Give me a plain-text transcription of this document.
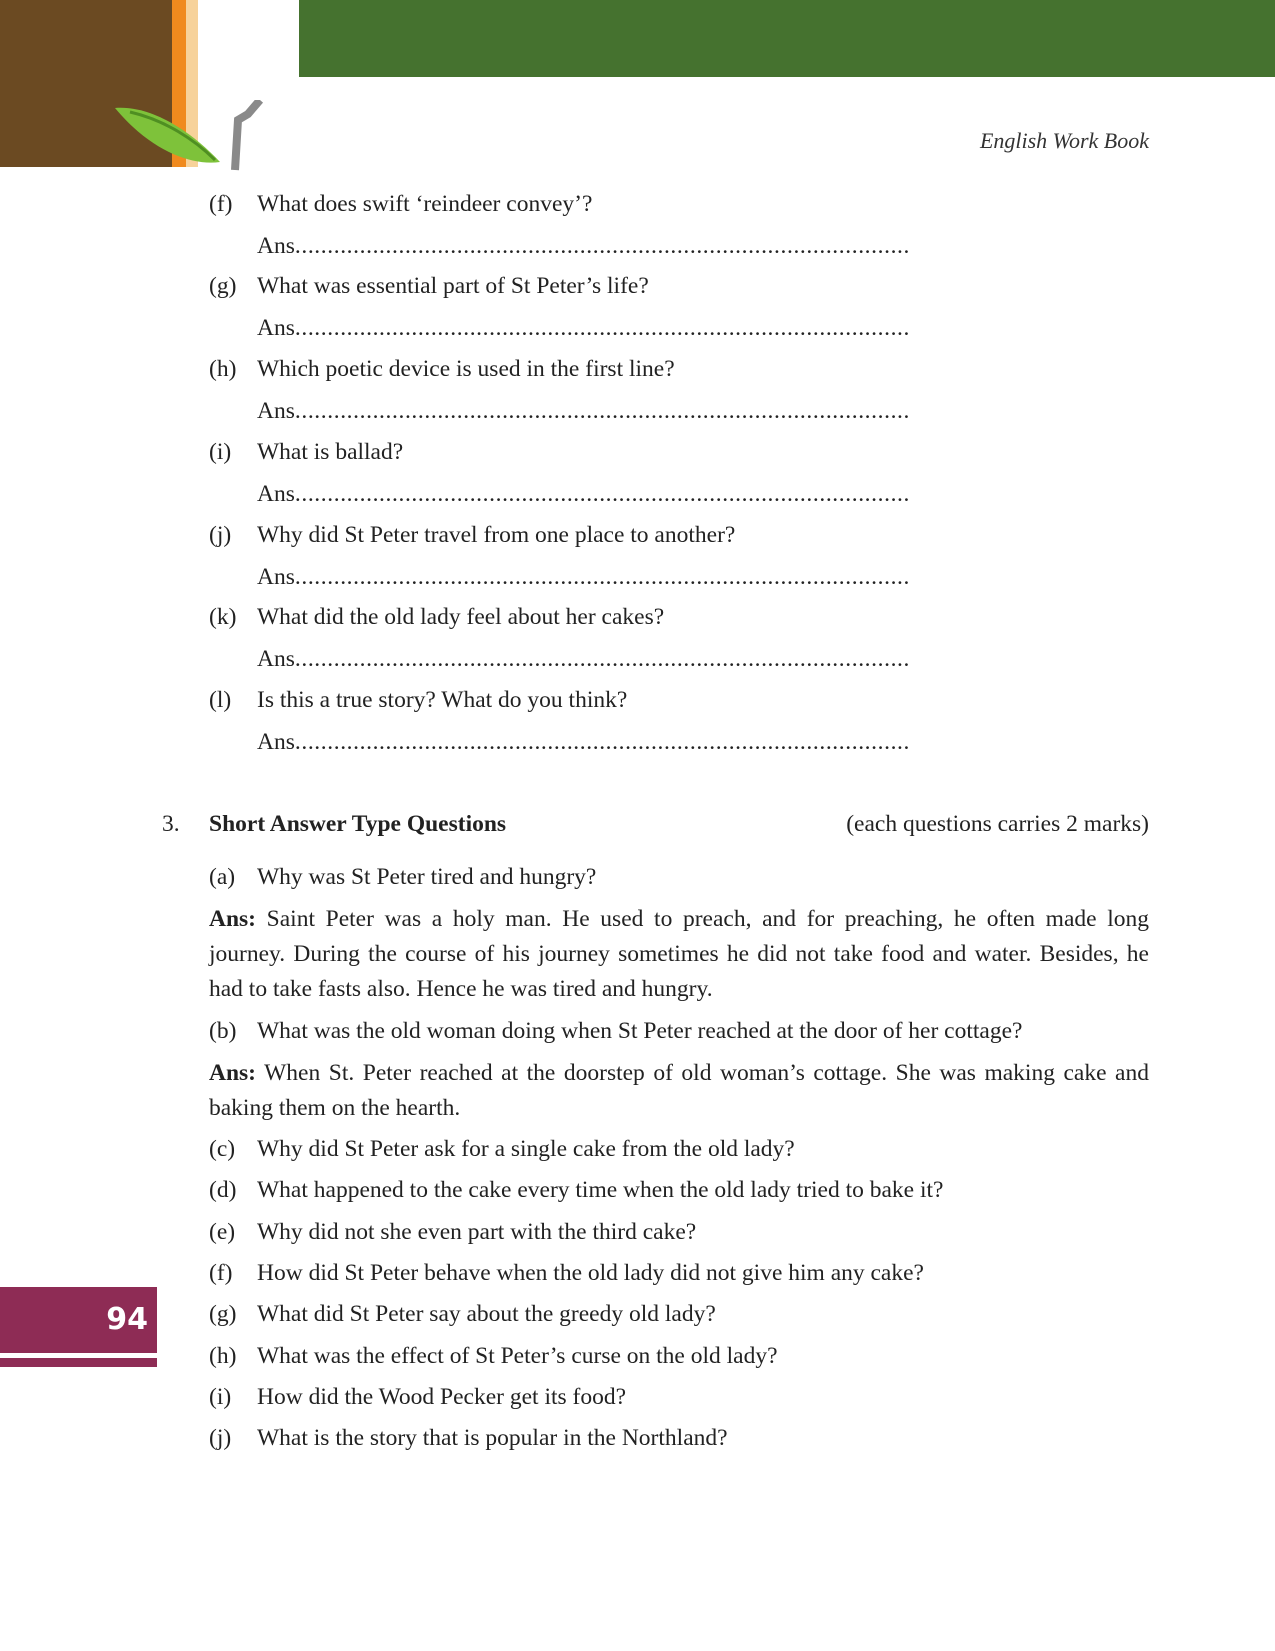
English Work Book
(f) What does swift ‘reindeer convey’?
Ans .....
(g) What was essential part of St Peter’s life?
Ans .....
(h) Which poetic device is used in the first line?
Ans .....
(i) What is ballad?
Ans .....
(j) Why did St Peter travel from one place to another?
Ans .....
(k) What did the old lady feel about her cakes?
Ans .....
(l) Is this a true story? What do you think?
Ans .....
3. Short Answer Type Questions	(each questions carries 2 marks)
(a) Why was St Peter tired and hungry?
Ans: Saint Peter was a holy man. He used to preach, and for preaching, he often made long journey. During the course of his journey sometimes he did not take food and water. Besides, he had to take fasts also. Hence he was tired and hungry.
(b) What was the old woman doing when St Peter reached at the door of her cottage?
Ans: When St. Peter reached at the doorstep of old woman’s cottage. She was making cake and baking them on the hearth.
(c) Why did St Peter ask for a single cake from the old lady?
(d) What happened to the cake every time when the old lady tried to bake it?
(e) Why did not she even part with the third cake?
(f) How did St Peter behave when the old lady did not give him any cake?
(g) What did St Peter say about the greedy old lady?
(h) What was the effect of St Peter’s curse on the old lady?
(i) How did the Wood Pecker get its food?
(j) What is the story that is popular in the Northland?
94
